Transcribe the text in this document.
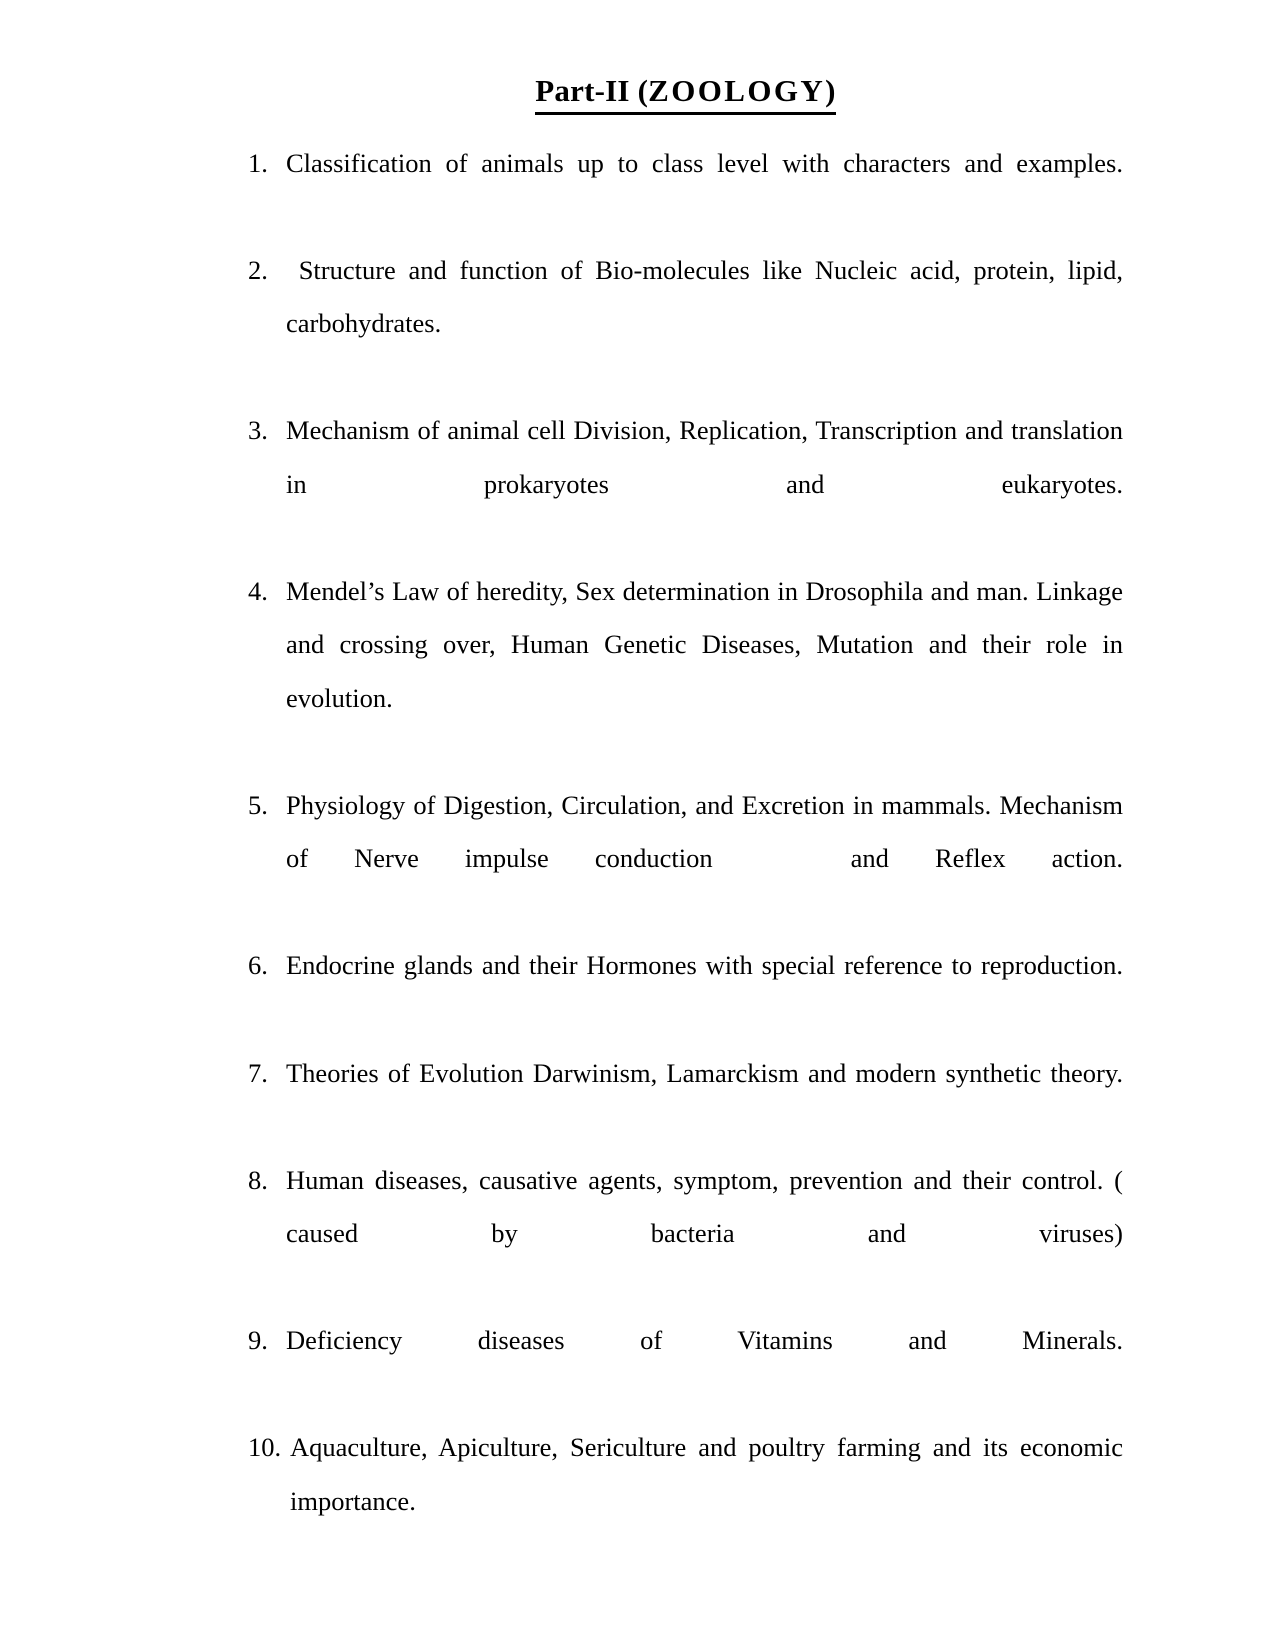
Part-II (ZOOLOGY)
1. Classification of animals up to class level with characters and examples.
2. Structure and function of Bio-molecules like Nucleic acid, protein, lipid, carbohydrates.
3. Mechanism of animal cell Division, Replication, Transcription and translation in prokaryotes and eukaryotes.
4. Mendel’s Law of heredity, Sex determination in Drosophila and man. Linkage and crossing over, Human Genetic Diseases, Mutation and their role in evolution.
5. Physiology of Digestion, Circulation, and Excretion in mammals. Mechanism of Nerve impulse conduction   and Reflex action.
6. Endocrine glands and their Hormones with special reference to reproduction.
7. Theories of Evolution Darwinism, Lamarckism and modern synthetic theory.
8. Human diseases, causative agents, symptom, prevention and their control. ( caused by bacteria and viruses)
9. Deficiency diseases of Vitamins and Minerals.
10. Aquaculture, Apiculture, Sericulture and poultry farming and its economic importance.
